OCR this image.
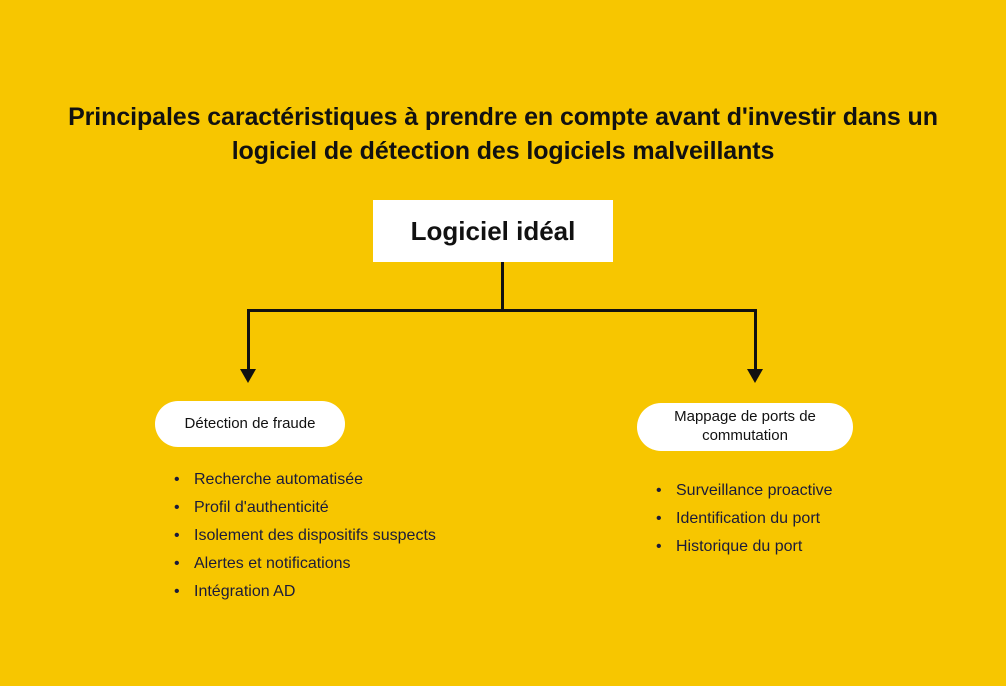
Principales caractéristiques à prendre en compte avant d'investir dans un logiciel de détection des logiciels malveillants
Logiciel idéal
Détection de fraude	Mappage de ports de commutation
• Recherche automatisée
• Profil d'authenticité
• Isolement des dispositifs suspects
• Alertes et notifications
• Intégration AD
• Surveillance proactive
• Identification du port
• Historique du port
